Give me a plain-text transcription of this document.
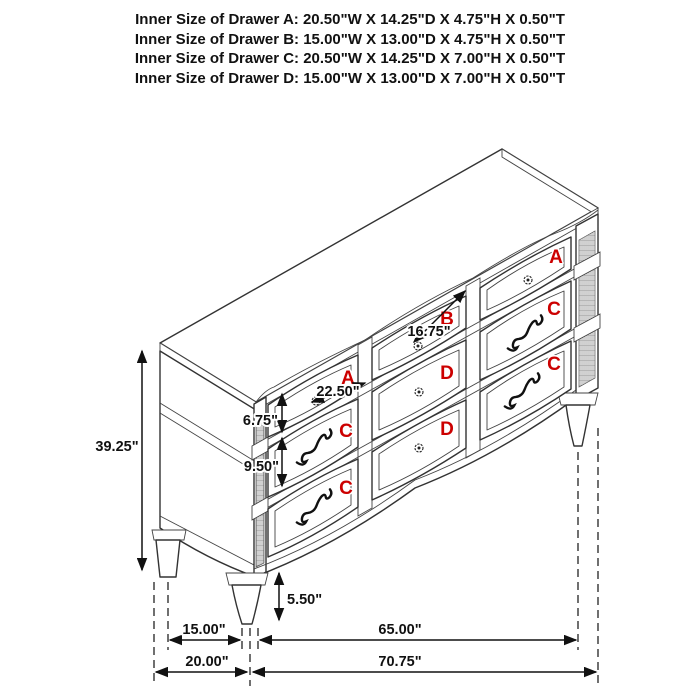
Inner Size of Drawer A: 20.50"W X 14.25"D X 4.75"H X 0.50"T
Inner Size of Drawer B: 15.00"W X 13.00"D X 4.75"H X 0.50"T
Inner Size of Drawer C: 20.50"W X 14.25"D X 7.00"H X 0.50"T
Inner Size of Drawer D: 15.00"W X 13.00"D X 7.00"H X 0.50"T
A
C
C
B
D
D
A
C
C
39.25"
6.75"
9.50"
5.50"
16.75"
22.50"
15.00"	65.00"
20.00"	70.75"
